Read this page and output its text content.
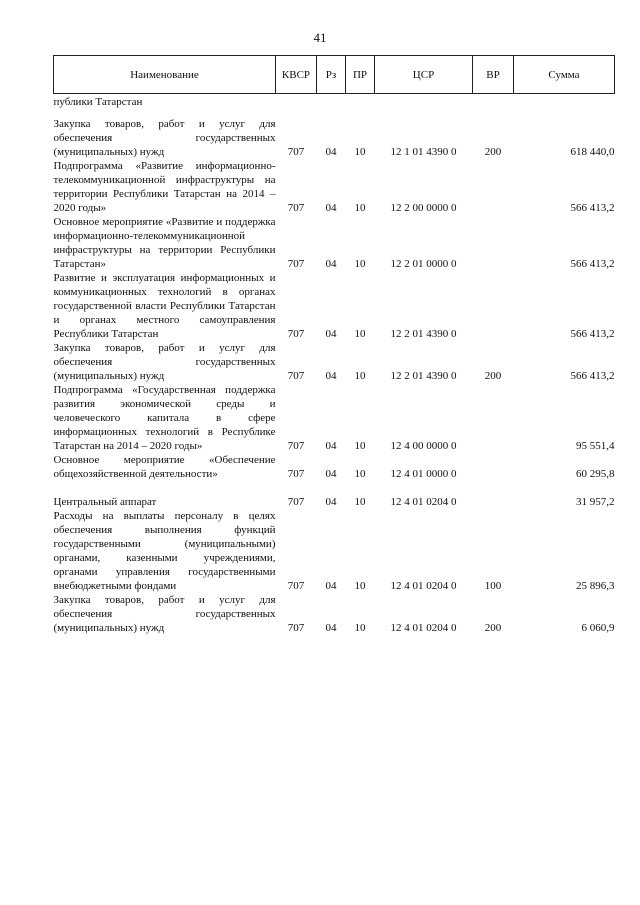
41
Наименование	КВСР	Рз	ПР	ЦСР	ВР	Сумма
публики Татарстан						
Закупка товаров, работ и услуг для обеспечения государственных (муниципальных) нужд	707	04	10	12 1 01 4390 0	200	618 440,0
Подпрограмма «Развитие информационно-телекоммуникационной инфраструктуры на территории Республики Татарстан на 2014 – 2020 годы»	707	04	10	12 2 00 0000 0		566 413,2
Основное мероприятие «Развитие и поддержка информационно-телекоммуникационной инфраструктуры на территории Республики Татарстан»	707	04	10	12 2 01 0000 0		566 413,2
Развитие и эксплуатация информационных и коммуникационных технологий в органах государственной власти Республики Татарстан и органах местного самоуправления Республики Татарстан	707	04	10	12 2 01 4390 0		566 413,2
Закупка товаров, работ и услуг для обеспечения государственных (муниципальных) нужд	707	04	10	12 2 01 4390 0	200	566 413,2
Подпрограмма «Государственная поддержка развития экономической среды и человеческого капитала в сфере информационных технологий в Республике Татарстан на 2014 – 2020 годы»	707	04	10	12 4 00 0000 0		95 551,4
Основное мероприятие «Обеспечение общехозяйственной деятельности»	707	04	10	12 4 01 0000 0		60 295,8

Центральный аппарат	707	04	10	12 4 01 0204 0		31 957,2
Расходы на выплаты персоналу в целях обеспечения выполнения функций государственными (муниципальными) органами, казенными учреждениями, органами управления государственными внебюджетными фондами	707	04	10	12 4 01 0204 0	100	25 896,3
Закупка товаров, работ и услуг для обеспечения государственных (муниципальных) нужд	707	04	10	12 4 01 0204 0	200	6 060,9
